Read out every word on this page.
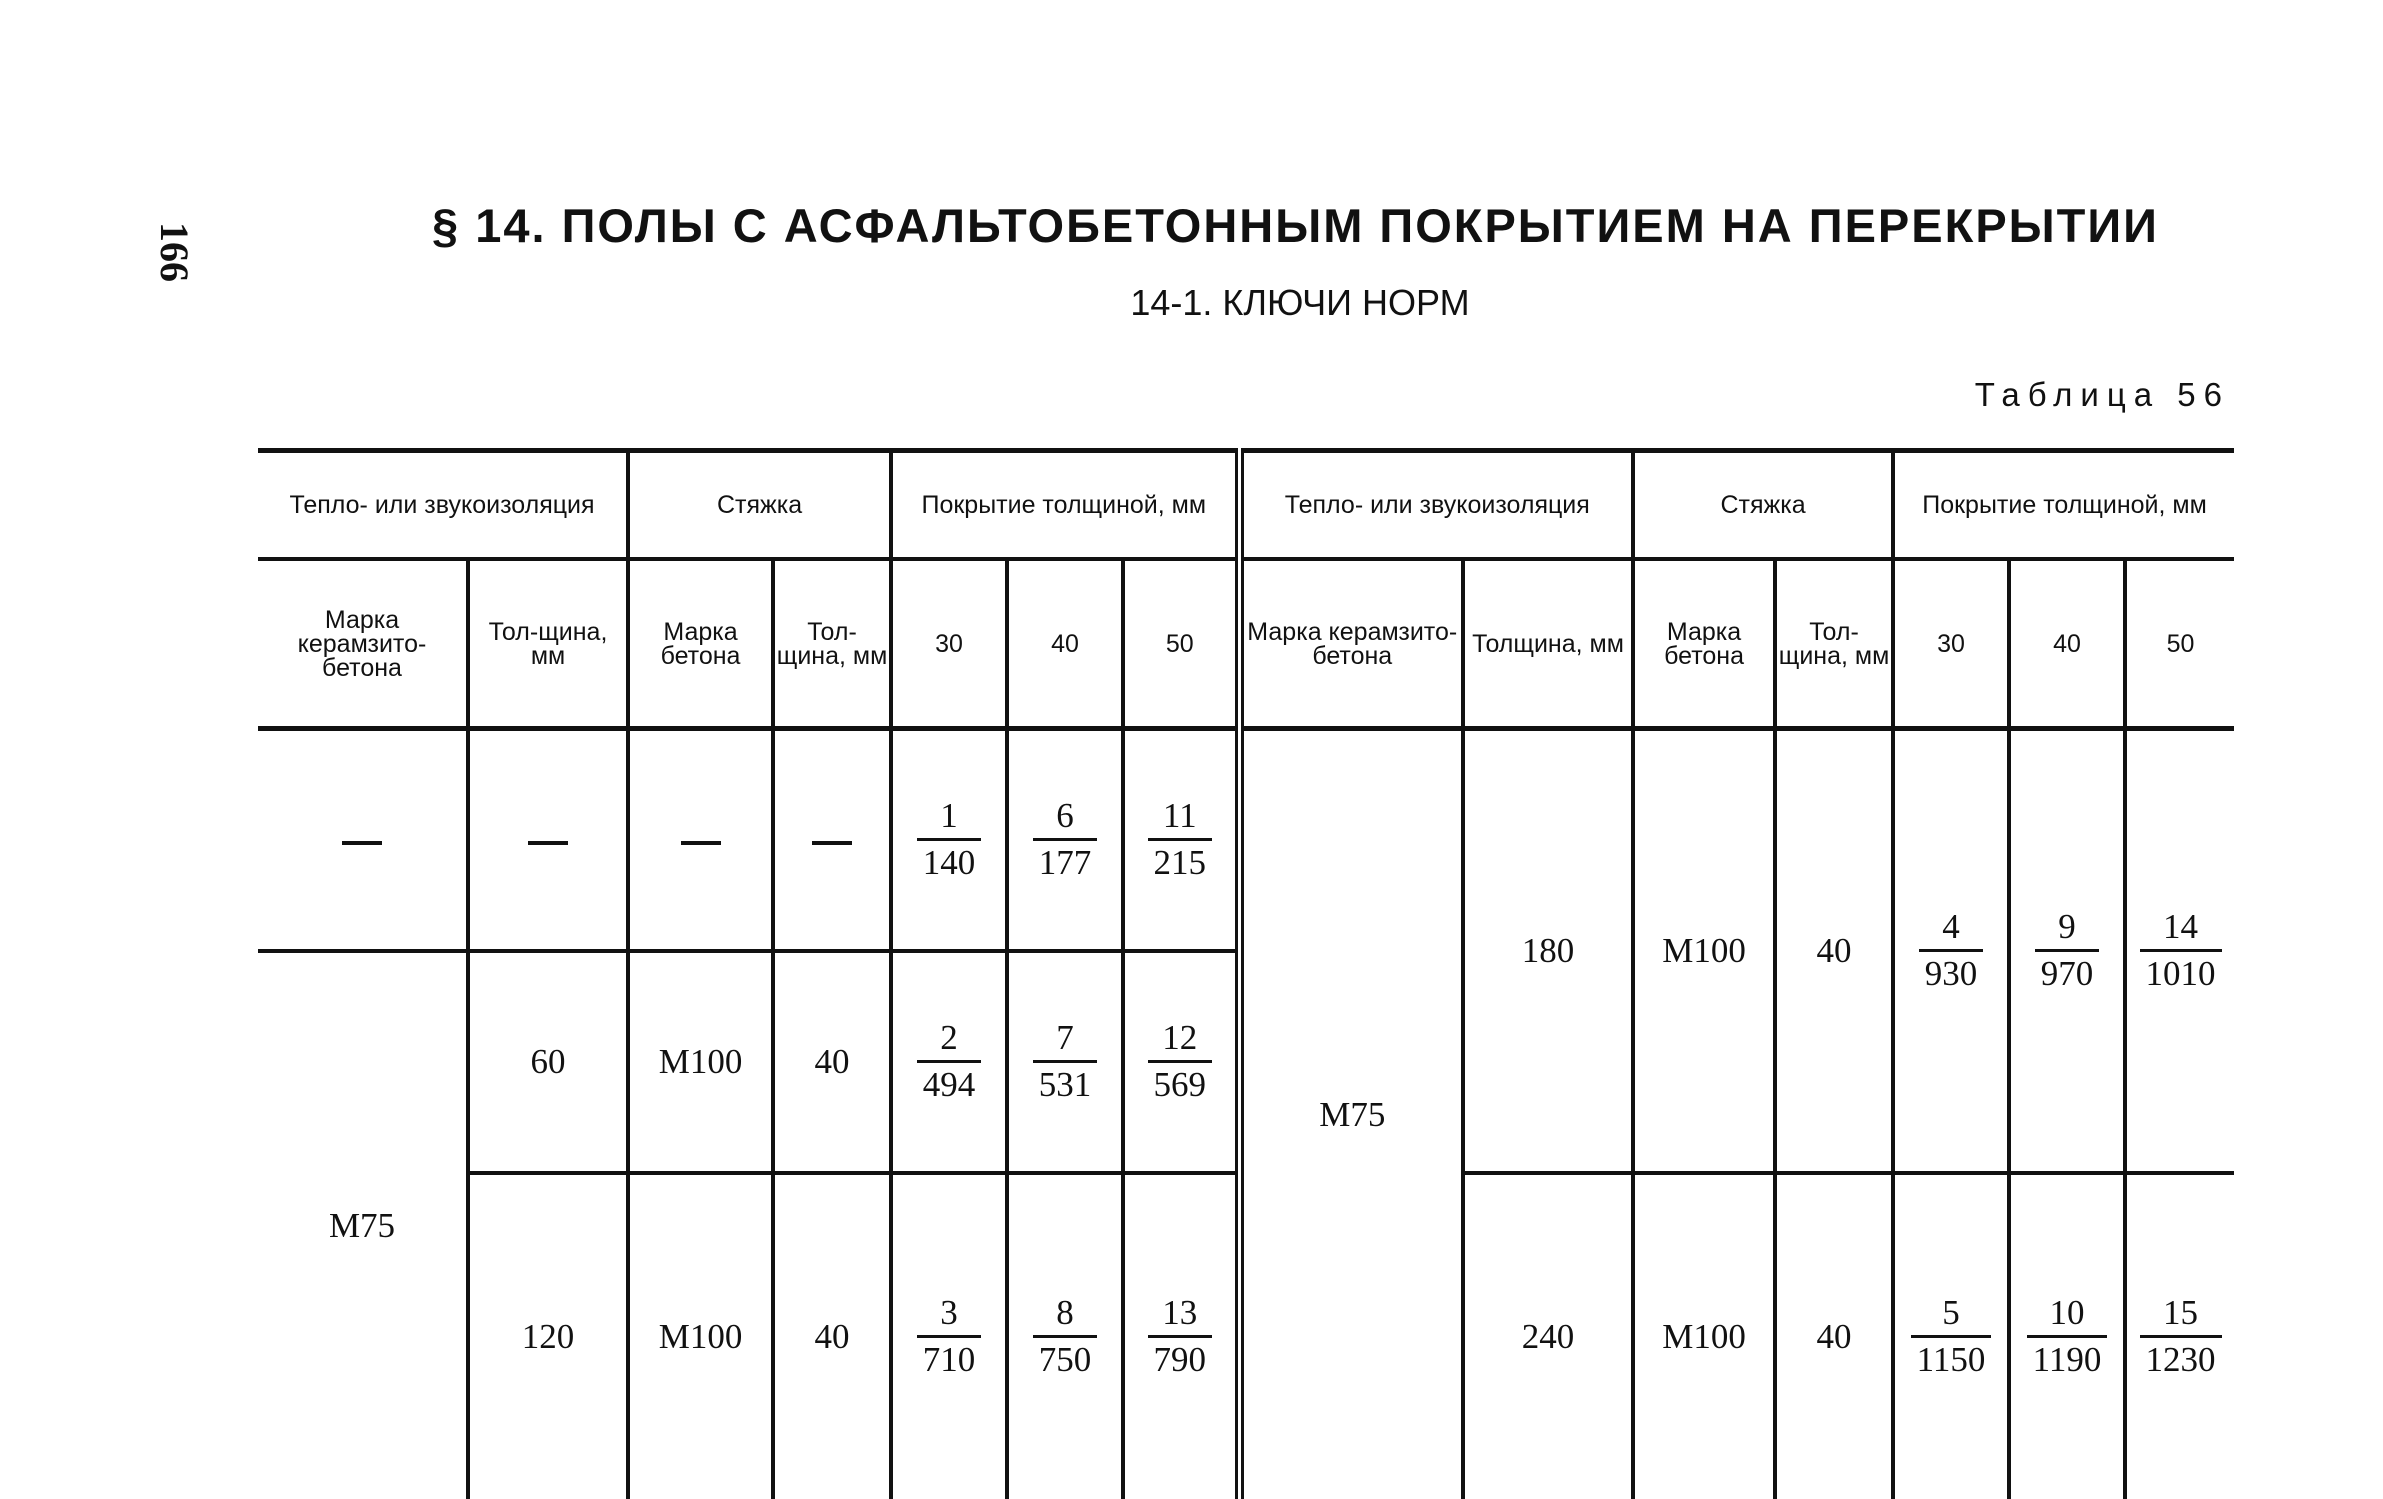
166	§ 14. ПОЛЫ С АСФАЛЬТОБЕТОННЫМ ПОКРЫТИЕМ НА ПЕРЕКРЫТИИ
14-1. КЛЮЧИ НОРМ
Таблица 56
Тепло- или звукоизоляция		Стяжка		Покрытие толщиной, мм			Тепло- или звукоизоляция		Стяжка		Покрытие толщиной, мм		
Марка керамзито-бетона	Тол-щина, мм	Марка бетона	Тол-щина, мм	30	40	50	Марка керамзито-бетона	Толщина, мм	Марка бетона	Тол-щина, мм	30	40	50

				$\frac{1}{140}$	$\frac{6}{177}$	$\frac{11}{215}$	M75	180	M100	40	$\frac{4}{930}$	$\frac{9}{970}$	$\frac{14}{1010}$

M75	60	M100	40	$\frac{2}{494}$	$\frac{7}{531}$	$\frac{12}{569}$

	120	M100	40	$\frac{3}{710}$	$\frac{8}{750}$	$\frac{13}{790}$		240	M100	40	$\frac{5}{1150}$	$\frac{10}{1190}$	$\frac{15}{1230}$
